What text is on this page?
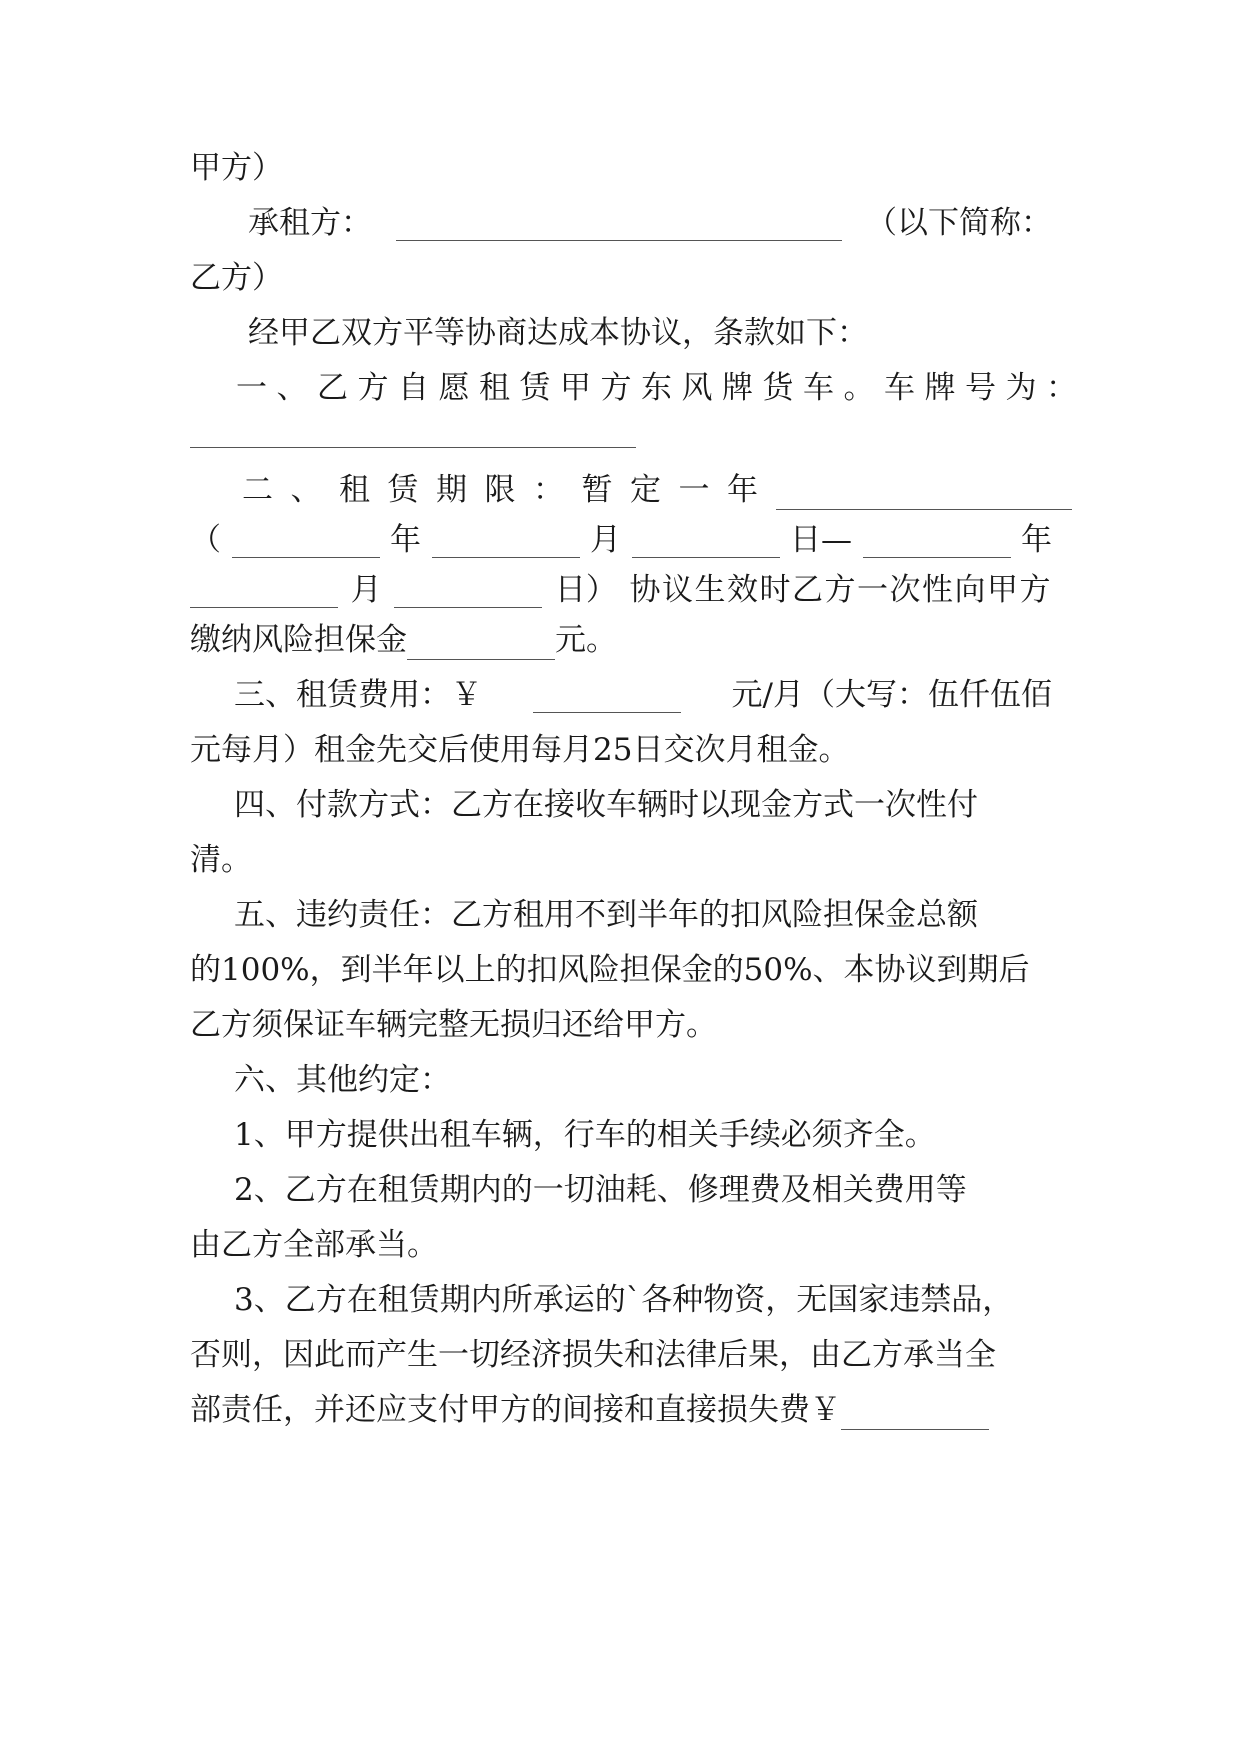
甲方）
承租方：	（以下简称：
乙方）
经甲乙双方平等协商达成本协议，条款如下：
一、乙方自愿租赁甲方东风牌货车。车牌号为：
二、租赁期限：暂定一年
（	年	月	日—	年
月	日） 协议生效时乙方一次性向甲方
缴纳风险担保金	元。
三、租赁费用：￥	元/月（大写：伍仟伍佰
元每月）租金先交后使用每月25日交次月租金。
四、付款方式：乙方在接收车辆时以现金方式一次性付
清。
五、违约责任：乙方租用不到半年的扣风险担保金总额
的100%，到半年以上的扣风险担保金的50%、本协议到期后
乙方须保证车辆完整无损归还给甲方。
六、其他约定：
1、甲方提供出租车辆，行车的相关手续必须齐全。
2、乙方在租赁期内的一切油耗、修理费及相关费用等
由乙方全部承当。
3、乙方在租赁期内所承运的`各种物资，无国家违禁品，
否则，因此而产生一切经济损失和法律后果，由乙方承当全
部责任，并还应支付甲方的间接和直接损失费￥
